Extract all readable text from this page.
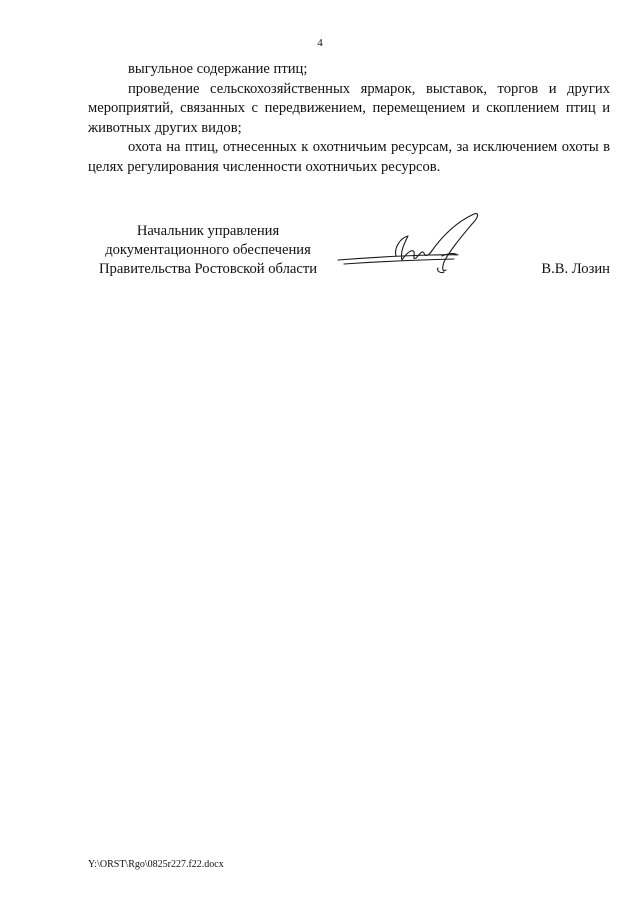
4

выгульное содержание птиц;

проведение сельскохозяйственных ярмарок, выставок, торгов и других мероприятий, связанных с передвижением, перемещением и скоплением птиц и животных других видов;

охота на птиц, отнесенных к охотничьим ресурсам, за исключением охоты в целях регулирования численности охотничьих ресурсов.

Начальник управления
документационного обеспечения
Правительства Ростовской области	В.В. Лозин
Y:\ORST\Rgo\0825r227.f22.docx
